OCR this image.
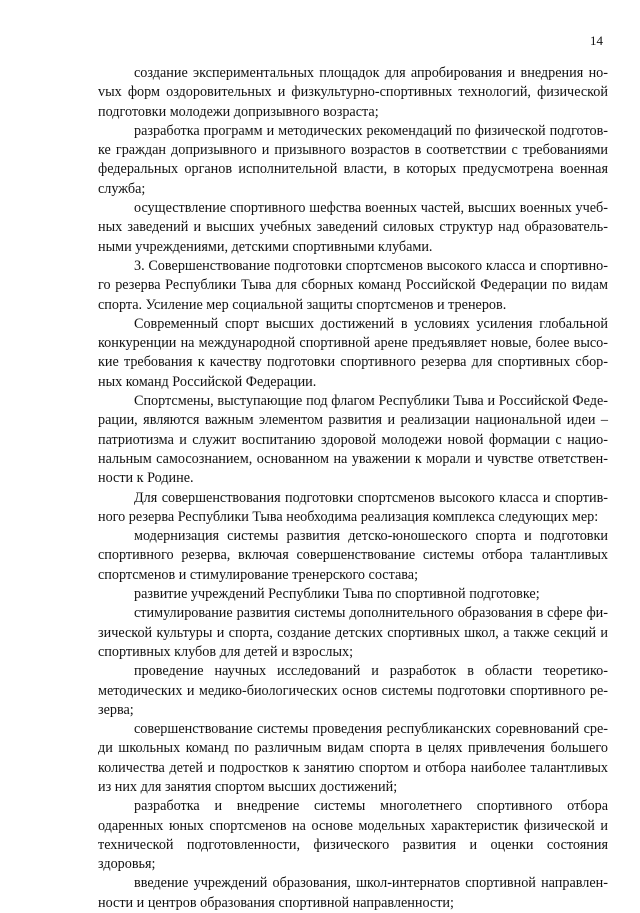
14

создание экспериментальных площадок для апробирования и внедрения ноvых форм оздоровительных и физкультурно-спортивных технологий, физической подготовки молодежи допризывного возраста;

разработка программ и методических рекомендаций по физической подготовке граждан допризывного и призывного возрастов в соответствии с требованиями федеральных органов исполнительной власти, в которых предусмотрена военная служба;

осуществление спортивного шефства военных частей, высших военных учебных заведений и высших учебных заведений силовых структур над образовательными учреждениями, детскими спортивными клубами.

3. Совершенствование подготовки спортсменов высокого класса и спортивного резерва Республики Тыва для сборных команд Российской Федерации по видам спорта. Усиление мер социальной защиты спортсменов и тренеров.

Современный спорт высших достижений в условиях усиления глобальной конкуренции на международной спортивной арене предъявляет новые, более высокие требования к качеству подготовки спортивного резерва для спортивных сборных команд Российской Федерации.

Спортсмены, выступающие под флагом Республики Тыва и Российской Федерации, являются важным элементом развития и реализации национальной идеи – патриотизма и служит воспитанию здоровой молодежи новой формации с национальным самосознанием, основанном на уважении к морали и чувстве ответственности к Родине.

Для совершенствования подготовки спортсменов высокого класса и спортивного резерва Республики Тыва необходима реализация комплекса следующих мер:

модернизация системы развития детско-юношеского спорта и подготовки спортивного резерва, включая совершенствование системы отбора талантливых спортсменов и стимулирование тренерского состава;

развитие учреждений Республики Тыва по спортивной подготовке;

стимулирование развития системы дополнительного образования в сфере физической культуры и спорта, создание детских спортивных школ, а также секций и спортивных клубов для детей и взрослых;

проведение научных исследований и разработок в области теоретико-методических и медико-биологических основ системы подготовки спортивного резерва;

совершенствование системы проведения республиканских соревнований среди школьных команд по различным видам спорта в целях привлечения большего количества детей и подростков к занятию спортом и отбора наиболее талантливых из них для занятия спортом высших достижений;

разработка и внедрение системы многолетнего спортивного отбора одаренных юных спортсменов на основе модельных характеристик физической и технической подготовленности, физического развития и оценки состояния здоровья;

введение учреждений образования, школ-интернатов спортивной направленности и центров образования спортивной направленности;
